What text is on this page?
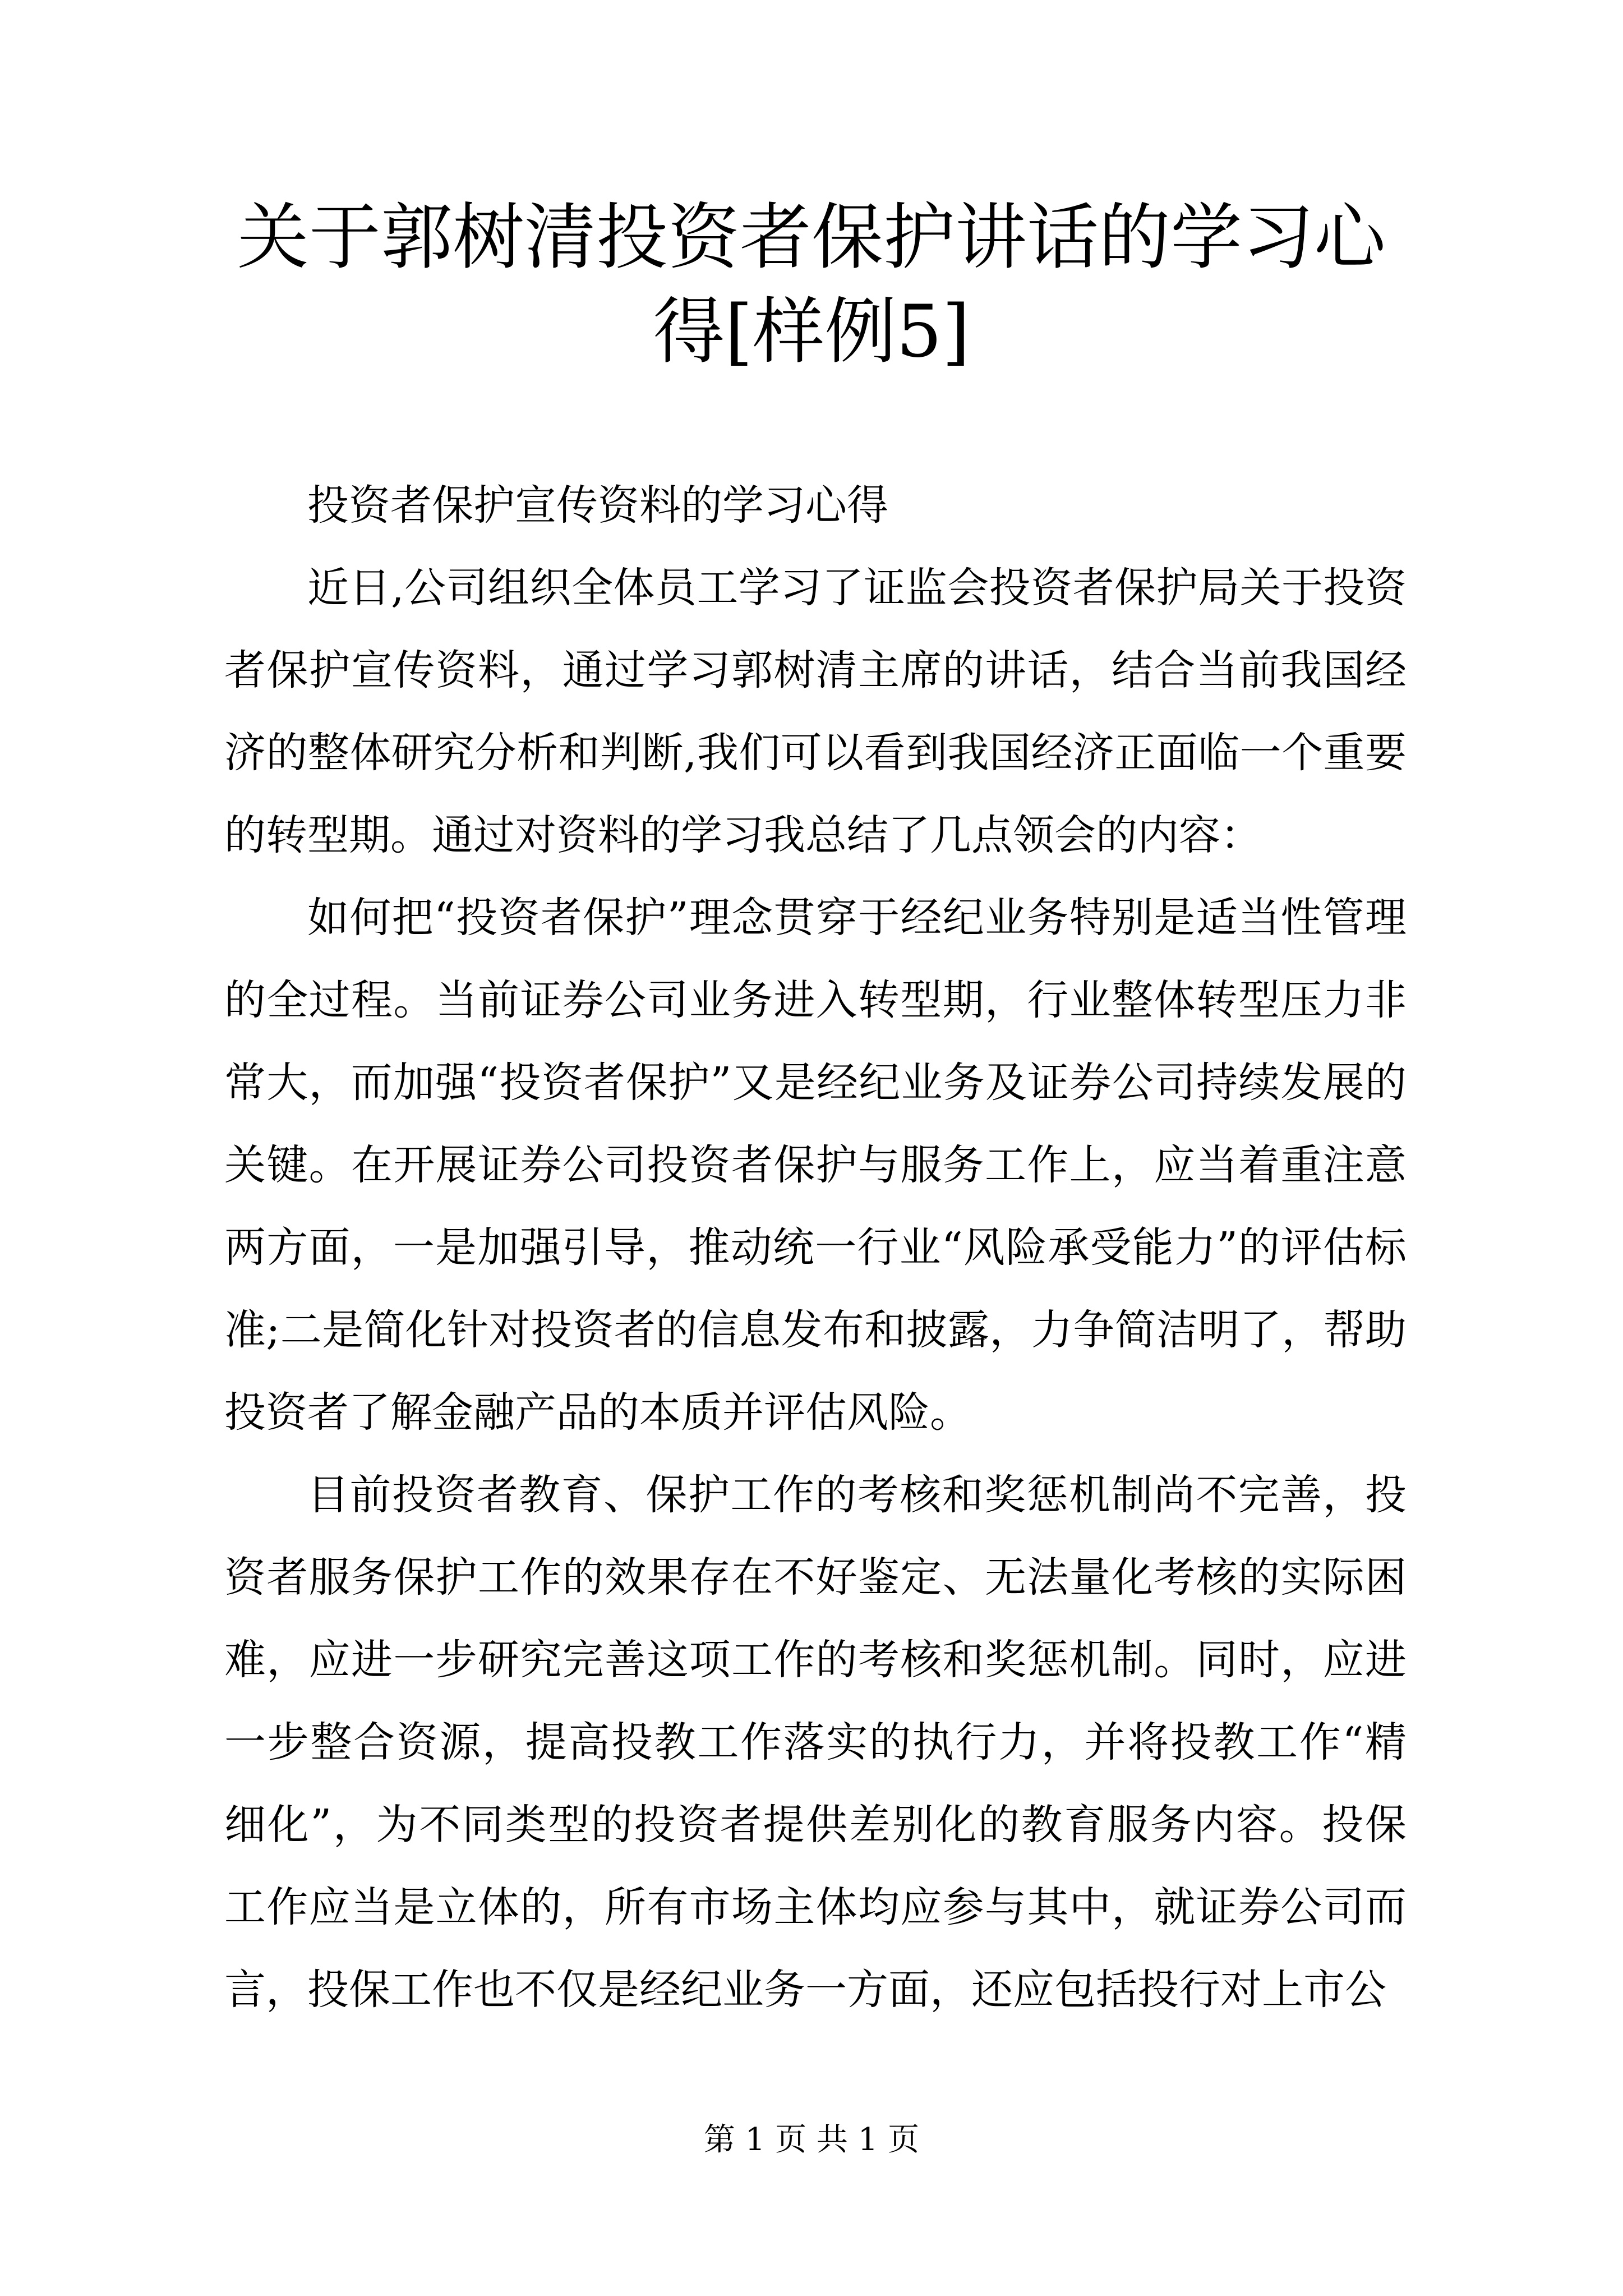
关于郭树清投资者保护讲话的学习心得[样例5]

投资者保护宣传资料的学习心得

近日,公司组织全体员工学习了证监会投资者保护局关于投资者保护宣传资料，通过学习郭树清主席的讲话，结合当前我国经济的整体研究分析和判断,我们可以看到我国经济正面临一个重要的转型期。通过对资料的学习我总结了几点领会的内容：

如何把“投资者保护”理念贯穿于经纪业务特别是适当性管理的全过程。当前证券公司业务进入转型期，行业整体转型压力非常大，而加强“投资者保护”又是经纪业务及证券公司持续发展的关键。在开展证券公司投资者保护与服务工作上，应当着重注意两方面，一是加强引导，推动统一行业“风险承受能力”的评估标准;二是简化针对投资者的信息发布和披露，力争简洁明了，帮助投资者了解金融产品的本质并评估风险。

目前投资者教育、保护工作的考核和奖惩机制尚不完善，投资者服务保护工作的效果存在不好鉴定、无法量化考核的实际困难，应进一步研究完善这项工作的考核和奖惩机制。同时，应进一步整合资源，提高投教工作落实的执行力，并将投教工作“精细化”，为不同类型的投资者提供差别化的教育服务内容。投保工作应当是立体的，所有市场主体均应参与其中，就证券公司而言，投保工作也不仅是经纪业务一方面，还应包括投行对上市公

第 1 页 共 1 页
